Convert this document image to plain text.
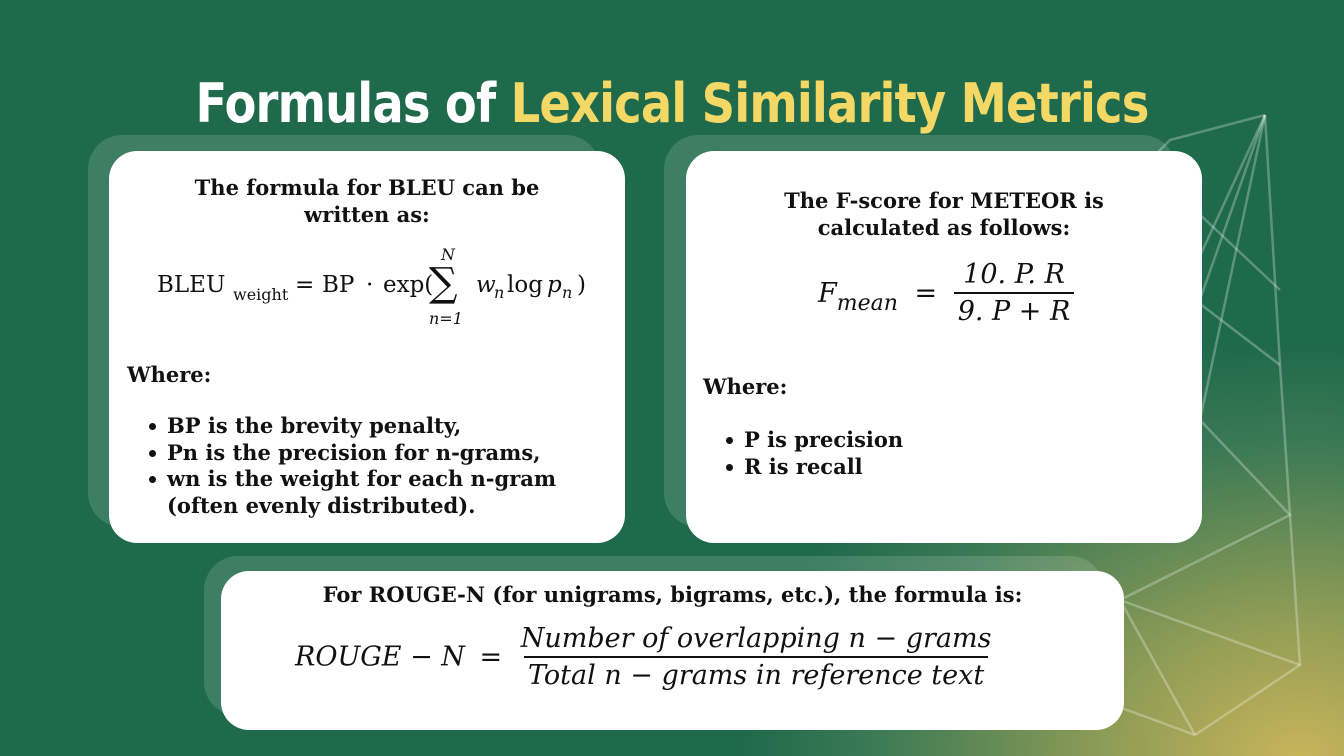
Formulas of Lexical Similarity Metrics

The formula for BLEU can be written as:

BLEU weight = BP · exp(
N
∑
n=1
w
n log p n )

Where:

BP is the brevity penalty,
Pn is the precision for n-grams,
wn is the weight for each n-gram (often evenly distributed).

The F-score for METEOR is calculated as follows:

$F_{mean} = \frac{10. P. R}{9. P + R}$

Where:

P is precision
R is recall

For ROUGE-N (for unigrams, bigrams, etc.), the formula is:

ROUGE − $N = \frac{\text{Number of overlapping n − grams}}{\text{Total n − grams in reference text}}$
